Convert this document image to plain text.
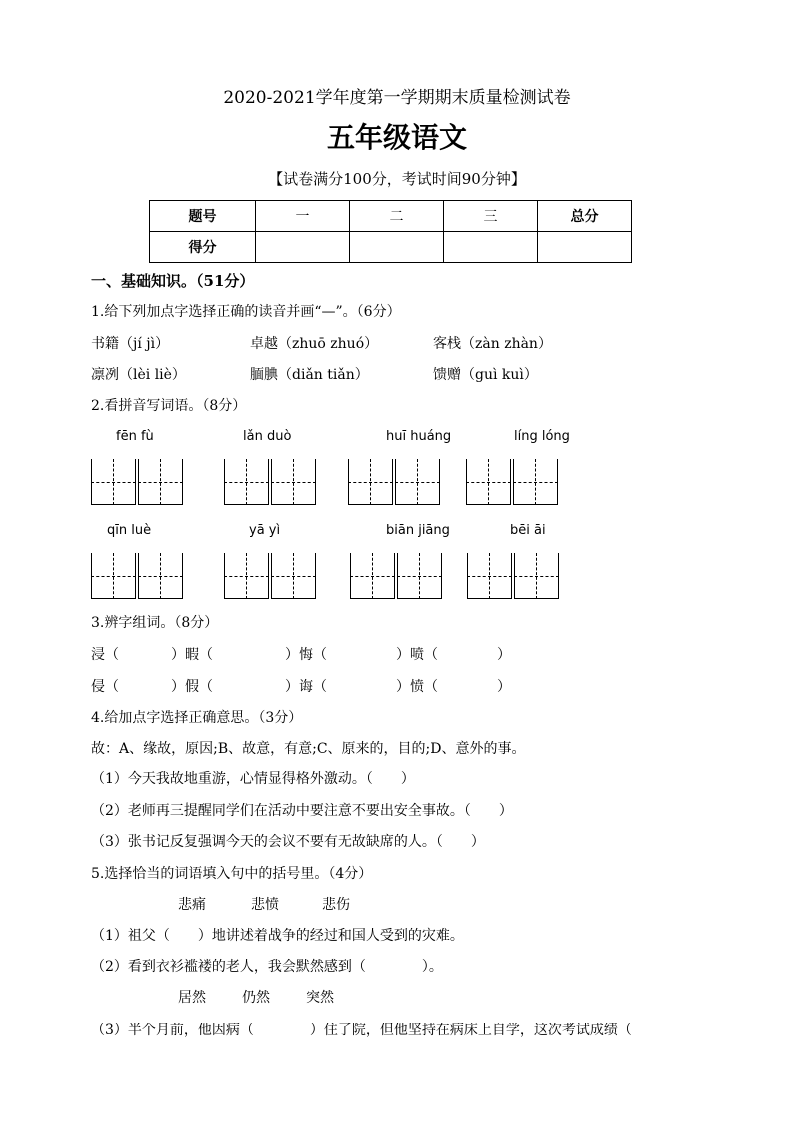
2020-2021学年度第一学期期末质量检测试卷
五年级语文
【试卷满分100分，考试时间90分钟】
题号	一	二	三	总分
得分				
一、基础知识。（51分）
1.给下列加点字选择正确的读音并画“—”。（6分）
书籍（jí jì）	卓越（zhuō zhuó）	客栈（zàn zhàn）
凛冽（lèi liè）	腼腆（diǎn tiǎn）	馈赠（guì kuì）
2.看拼音写词语。（8分）
fēn fù	lǎn duò	huī huáng	líng lóng
qīn luè	yā yì	biān jiāng	bēi āi
3.辨字组词。（8分）
浸（	）暇（	）悔（	）喷（	）
侵（	）假（	）诲（	）愤（	）
4.给加点字选择正确意思。（3分）
故：A、缘故，原因;B、故意，有意;C、原来的，目的;D、意外的事。
（1）今天我故地重游，心情显得格外激动。（　　）
（2）老师再三提醒同学们在活动中要注意不要出安全事故。（　　）
（3）张书记反复强调今天的会议不要有无故缺席的人。（　　）
5.选择恰当的词语填入句中的括号里。（4分）
悲痛	悲愤	悲伤
（1）祖父（　　）地讲述着战争的经过和国人受到的灾难。
（2）看到衣衫褴褛的老人，我会默然感到（　　　　）。
居然	仍然	突然
（3）半个月前，他因病（　　　　）住了院，但他坚持在病床上自学，这次考试成绩（
